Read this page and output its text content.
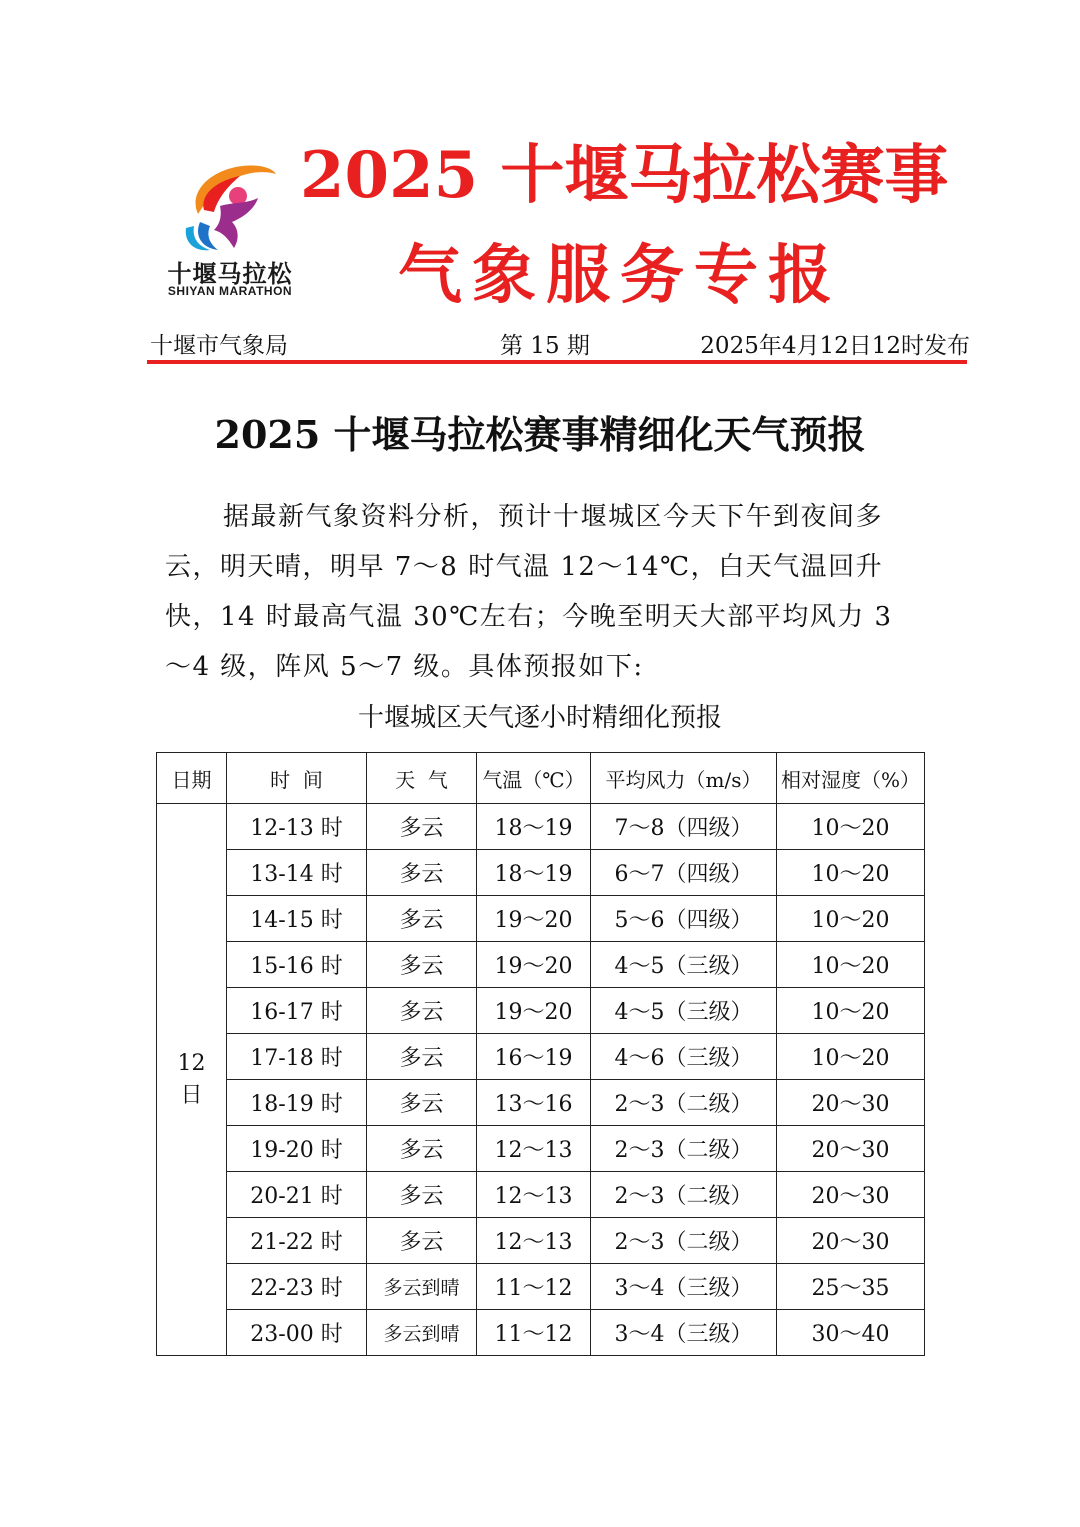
十堰马拉松
SHIYAN MARATHON
2025 十堰马拉松赛事
气象服务专报
十堰市气象局	第 15 期	2025年4月12日12时发布
2025 十堰马拉松赛事精细化天气预报

据最新气象资料分析，预计十堰城区今天下午到夜间多云，明天晴，明早 7～8 时气温 12～14℃，白天气温回升快，14 时最高气温 30℃左右；今晚至明天大部平均风力 3～4 级，阵风 5～7 级。具体预报如下:

十堰城区天气逐小时精细化预报
日期	时  间	天  气	气温（℃）	平均风力（m/s）	相对湿度（%）
12
日	12-13 时	多云	18～19	7～8（四级）	10～20
	13-14 时	多云	18～19	6～7（四级）	10～20
	14-15 时	多云	19～20	5～6（四级）	10～20
	15-16 时	多云	19～20	4～5（三级）	10～20
	16-17 时	多云	19～20	4～5（三级）	10～20
	17-18 时	多云	16～19	4～6（三级）	10～20
	18-19 时	多云	13～16	2～3（二级）	20～30
	19-20 时	多云	12～13	2～3（二级）	20～30
	20-21 时	多云	12～13	2～3（二级）	20～30
	21-22 时	多云	12～13	2～3（二级）	20～30
	22-23 时	多云到晴	11～12	3～4（三级）	25～35
	23-00 时	多云到晴	11～12	3～4（三级）	30～40
